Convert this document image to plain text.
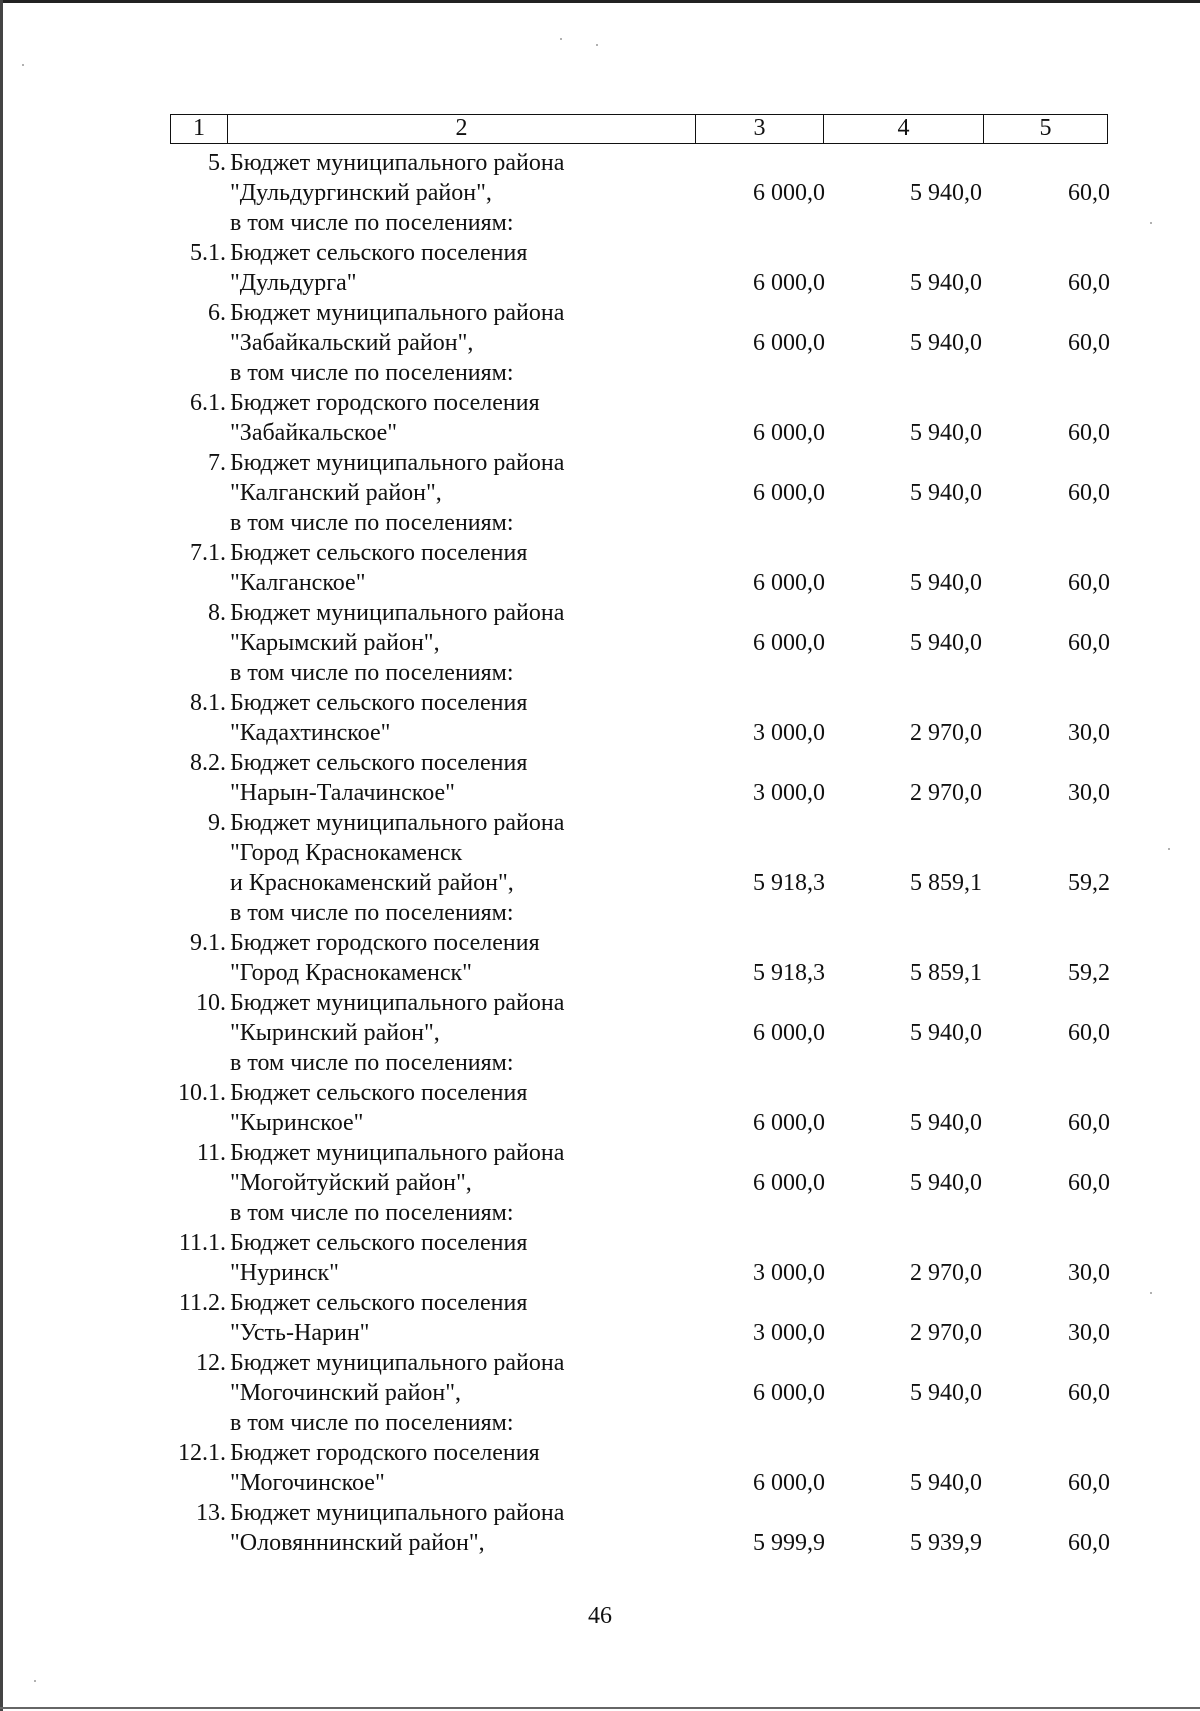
1	2	3	4	5
5. Бюджет муниципального района
"Дульдургинский район",	6 000,0	5 940,0	60,0
в том числе по поселениям:
5.1. Бюджет сельского поселения
"Дульдурга"	6 000,0	5 940,0	60,0
6. Бюджет муниципального района
"Забайкальский район",	6 000,0	5 940,0	60,0
в том числе по поселениям:
6.1. Бюджет городского поселения
"Забайкальское"	6 000,0	5 940,0	60,0
7. Бюджет муниципального района
"Калганский район",	6 000,0	5 940,0	60,0
в том числе по поселениям:
7.1. Бюджет сельского поселения
"Калганское"	6 000,0	5 940,0	60,0
8. Бюджет муниципального района
"Карымский район",	6 000,0	5 940,0	60,0
в том числе по поселениям:
8.1. Бюджет сельского поселения
"Кадахтинское"	3 000,0	2 970,0	30,0
8.2. Бюджет сельского поселения
"Нарын-Талачинское"	3 000,0	2 970,0	30,0
9. Бюджет муниципального района
"Город Краснокаменск
и Краснокаменский район",	5 918,3	5 859,1	59,2
в том числе по поселениям:
9.1. Бюджет городского поселения
"Город Краснокаменск"	5 918,3	5 859,1	59,2
10. Бюджет муниципального района
"Кыринский район",	6 000,0	5 940,0	60,0
в том числе по поселениям:
10.1. Бюджет сельского поселения
"Кыринское"	6 000,0	5 940,0	60,0
11. Бюджет муниципального района
"Могойтуйский район",	6 000,0	5 940,0	60,0
в том числе по поселениям:
11.1. Бюджет сельского поселения
"Нуринск"	3 000,0	2 970,0	30,0
11.2. Бюджет сельского поселения
"Усть-Нарин"	3 000,0	2 970,0	30,0
12. Бюджет муниципального района
"Могочинский район",	6 000,0	5 940,0	60,0
в том числе по поселениям:
12.1. Бюджет городского поселения
"Могочинское"	6 000,0	5 940,0	60,0
13. Бюджет муниципального района
"Оловяннинский район",	5 999,9	5 939,9	60,0
46
